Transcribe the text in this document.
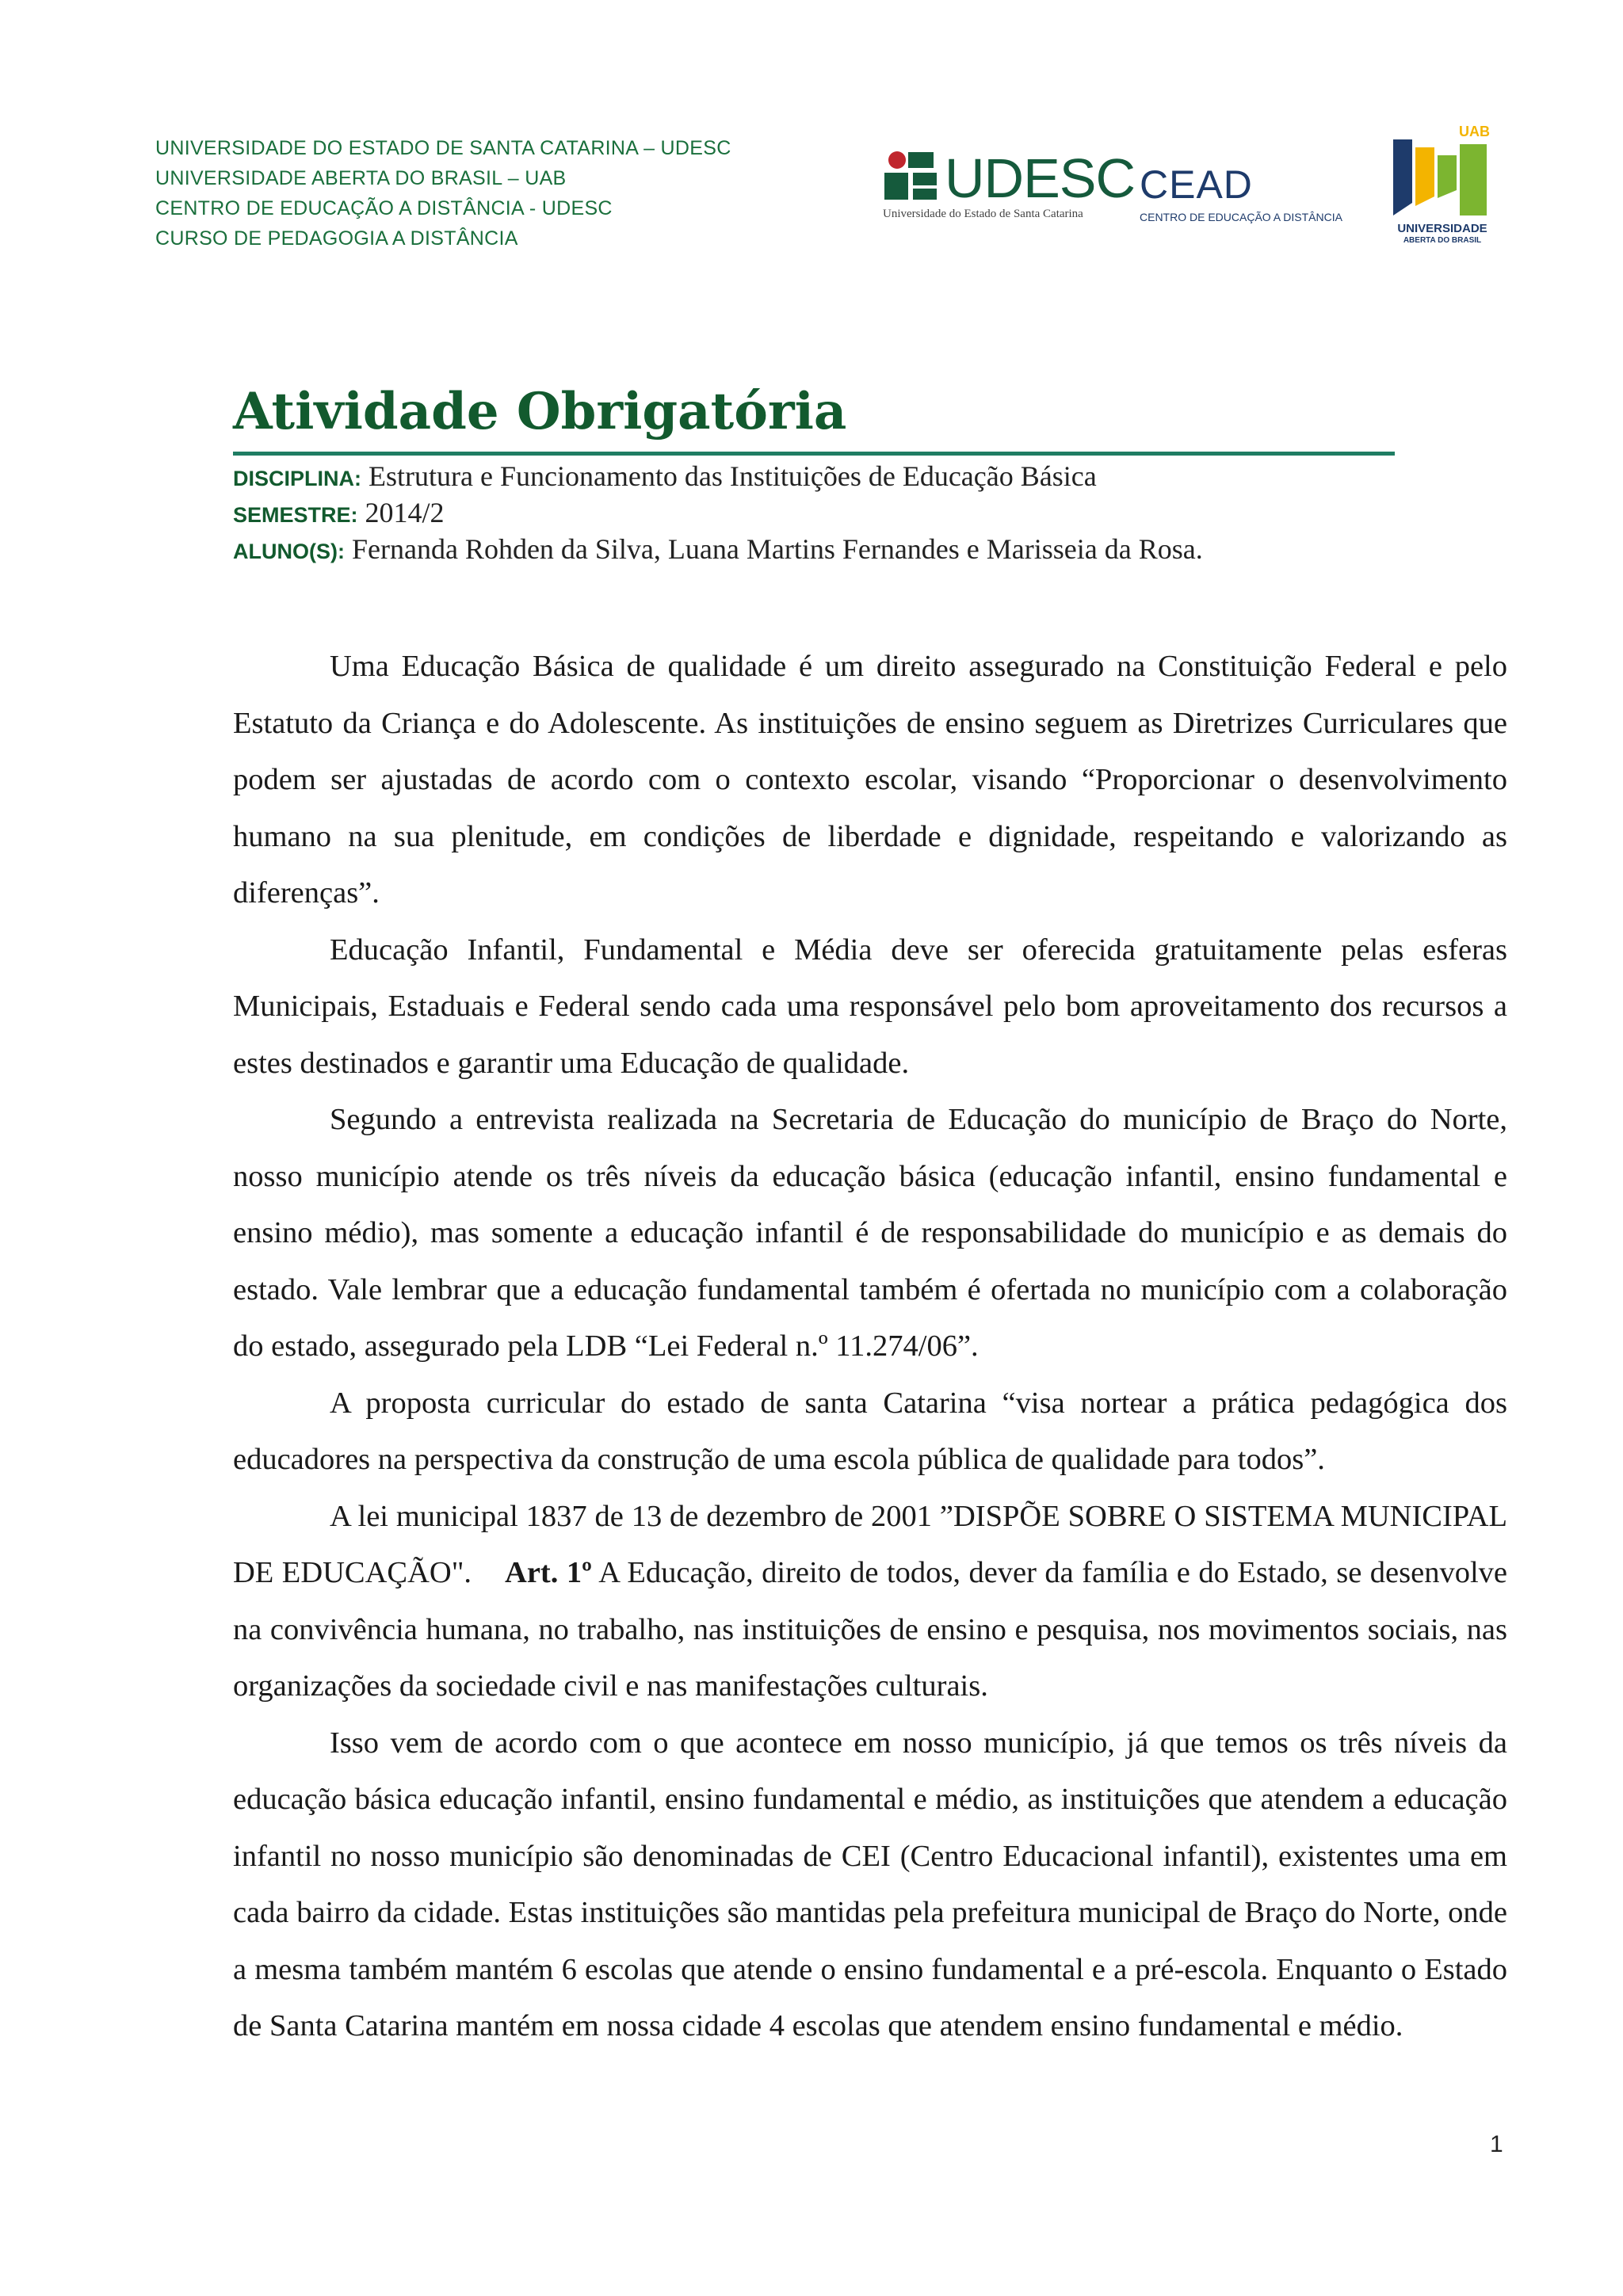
UNIVERSIDADE DO ESTADO DE SANTA CATARINA – UDESC
UNIVERSIDADE ABERTA DO BRASIL – UAB
CENTRO DE EDUCAÇÃO A DISTÂNCIA - UDESC
CURSO DE PEDAGOGIA A DISTÂNCIA
UDESC
Universidade do Estado de Santa Catarina
CEAD
CENTRO DE EDUCAÇÃO A DISTÂNCIA
UAB
UNIVERSIDADE
ABERTA DO BRASIL
Atividade Obrigatória
DISCIPLINA: Estrutura e Funcionamento das Instituições de Educação Básica
SEMESTRE: 2014/2
ALUNO(S): Fernanda Rohden da Silva, Luana Martins Fernandes e Marisseia da Rosa.

Uma Educação Básica de qualidade é um direito assegurado na Constituição Federal e pelo Estatuto da Criança e do Adolescente. As instituições de ensino seguem as Diretrizes Curriculares que podem ser ajustadas de acordo com o contexto escolar, visando “Proporcionar o desenvolvimento humano na sua plenitude, em condições de liberdade e dignidade, respeitando e valorizando as diferenças”.

Educação Infantil, Fundamental e Média deve ser oferecida gratuitamente pelas esferas Municipais, Estaduais e Federal sendo cada uma responsável pelo bom aproveitamento dos recursos a estes destinados e garantir uma Educação de qualidade.

Segundo a entrevista realizada na Secretaria de Educação do município de Braço do Norte, nosso município atende os três níveis da educação básica (educação infantil, ensino fundamental e ensino médio), mas somente a educação infantil é de responsabilidade do município e as demais do estado. Vale lembrar que a educação fundamental também é ofertada no município com a colaboração do estado, assegurado pela LDB “Lei Federal n.º 11.274/06”.

A proposta curricular do estado de santa Catarina “visa nortear a prática pedagógica dos educadores na perspectiva da construção de uma escola pública de qualidade para todos”.

A lei municipal 1837 de 13 de dezembro de 2001 ”DISPÕE SOBRE O SISTEMA MUNICIPAL DE EDUCAÇÃO". Art. 1º A Educação, direito de todos, dever da família e do Estado, se desenvolve na convivência humana, no trabalho, nas instituições de ensino e pesquisa, nos movimentos sociais, nas organizações da sociedade civil e nas manifestações culturais.

Isso vem de acordo com o que acontece em nosso município, já que temos os três níveis da educação básica educação infantil, ensino fundamental e médio, as instituições que atendem a educação infantil no nosso município são denominadas de CEI (Centro Educacional infantil), existentes uma em cada bairro da cidade. Estas instituições são mantidas pela prefeitura municipal de Braço do Norte, onde a mesma também mantém 6 escolas que atende o ensino fundamental e a pré-escola. Enquanto o Estado de Santa Catarina mantém em nossa cidade 4 escolas que atendem ensino fundamental e médio.

1
